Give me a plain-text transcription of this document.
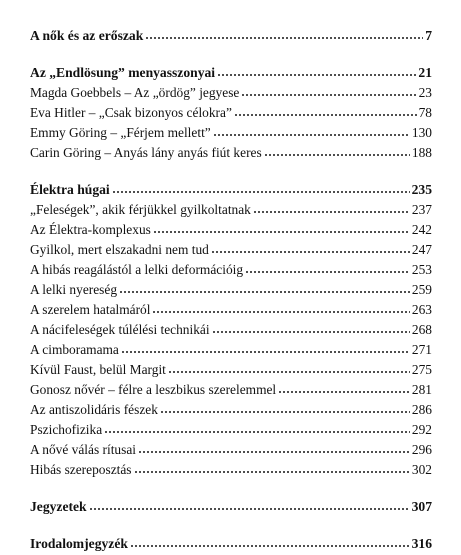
A nők és az erőszak	7
Az „Endlösung” menyasszonyai	21
Magda Goebbels – Az „ördög” jegyese	23
Eva Hitler – „Csak bizonyos célokra”	78
Emmy Göring – „Férjem mellett”	130
Carin Göring – Anyás lány anyás fiút keres	188
Élektra húgai	235
„Feleségek”, akik férjükkel gyilkoltatnak	237
Az Élektra-komplexus	242
Gyilkol, mert elszakadni nem tud	247
A hibás reagálástól a lelki deformációig	253
A lelki nyereség	259
A szerelem hatalmáról	263
A nácifeleségek túlélési technikái	268
A cimboramama	271
Kívül Faust, belül Margit	275
Gonosz nővér – félre a leszbikus szerelemmel	281
Az antiszolidáris fészek	286
Pszichofizika	292
A nővé válás rítusai	296
Hibás szereposztás	302
Jegyzetek	307
Irodalomjegyzék	316
